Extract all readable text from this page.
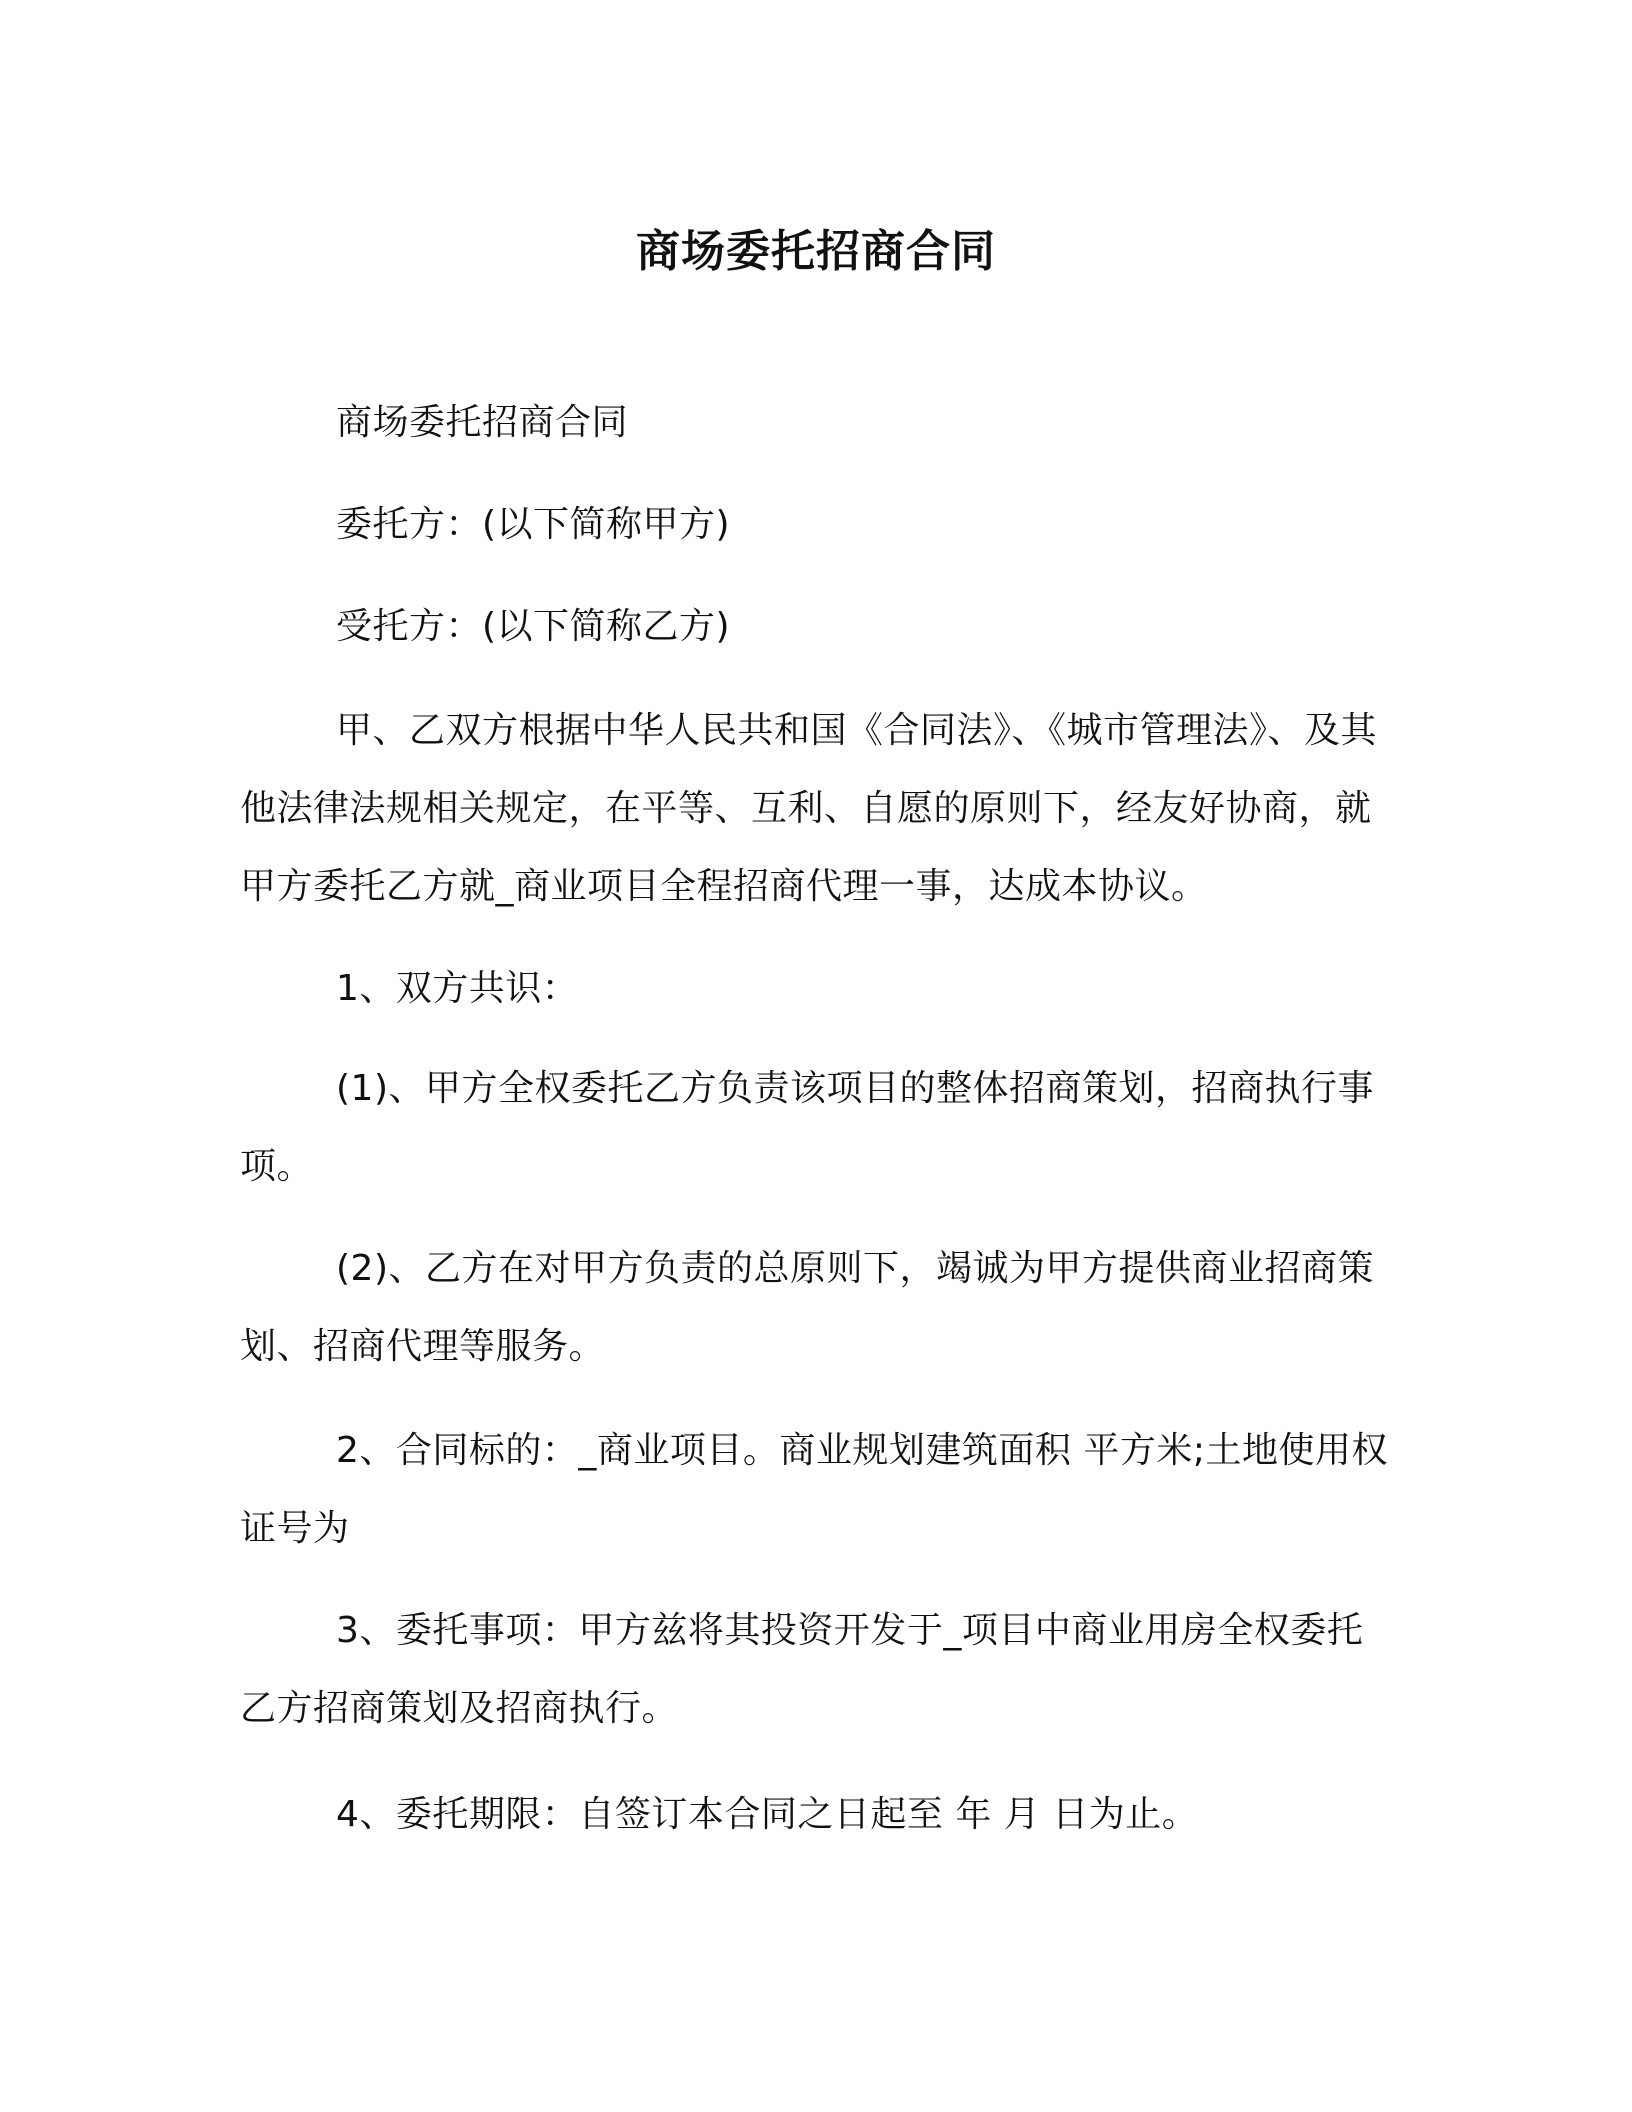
商场委托招商合同
商场委托招商合同
委托方：(以下简称甲方)
受托方：(以下简称乙方)
甲、乙双方根据中华人民共和国《合同法》、《城市管理法》、及其他法律法规相关规定，在平等、互利、自愿的原则下，经友好协商，就甲方委托乙方就_商业项目全程招商代理一事，达成本协议。
1、双方共识：
(1)、甲方全权委托乙方负责该项目的整体招商策划，招商执行事项。
(2)、乙方在对甲方负责的总原则下，竭诚为甲方提供商业招商策划、招商代理等服务。
2、合同标的：_商业项目。商业规划建筑面积 平方米;土地使用权证号为
3、委托事项：甲方兹将其投资开发于_项目中商业用房全权委托乙方招商策划及招商执行。
4、委托期限：自签订本合同之日起至 年 月 日为止。
